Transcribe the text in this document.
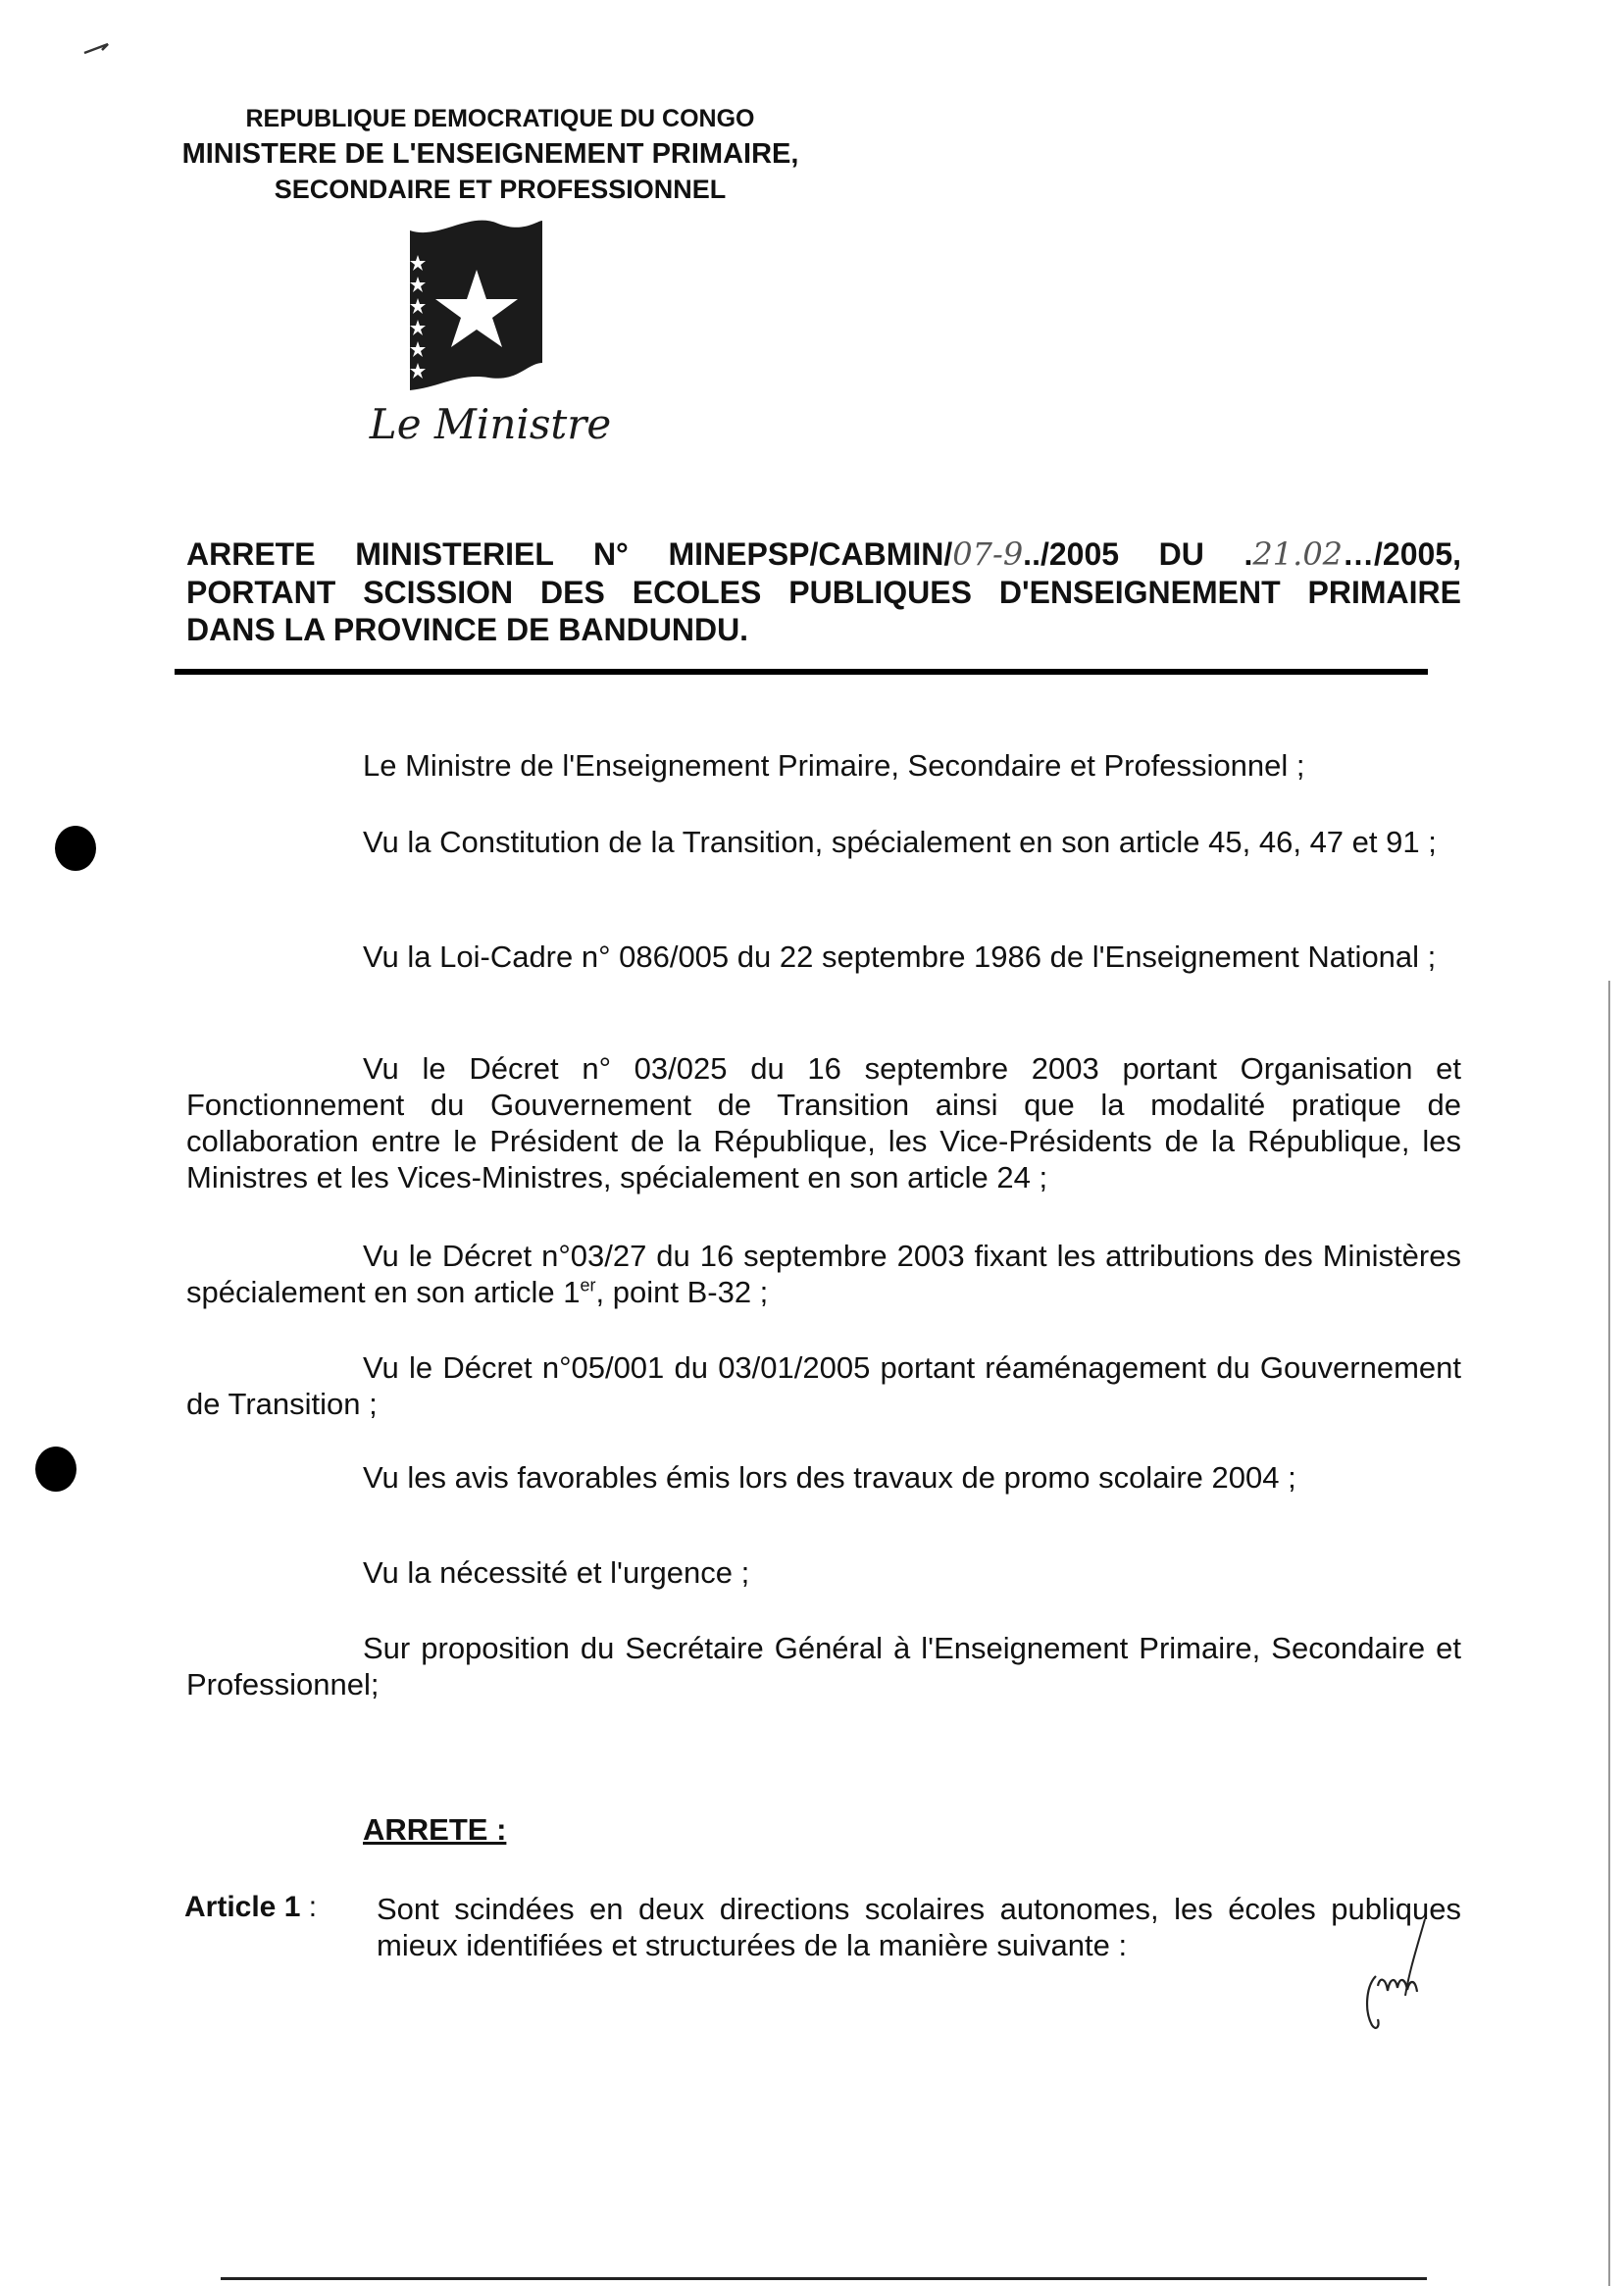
REPUBLIQUE DEMOCRATIQUE DU CONGO
MINISTERE DE L'ENSEIGNEMENT PRIMAIRE,
SECONDAIRE ET PROFESSIONNEL
Le Ministre
ARRETE MINISTERIEL N° MINEPSP/CABMIN/07-9../2005 DU .21.02…/2005,
PORTANT SCISSION DES ECOLES PUBLIQUES D'ENSEIGNEMENT PRIMAIRE
DANS LA PROVINCE DE BANDUNDU.
Le Ministre de l'Enseignement Primaire, Secondaire et Professionnel ;
Vu la Constitution de la Transition, spécialement en son article 45, 46, 47 et 91 ;
Vu la Loi-Cadre n° 086/005 du 22 septembre 1986 de l'Enseignement National ;
Vu le Décret n° 03/025 du 16 septembre 2003 portant Organisation et Fonctionnement du Gouvernement de Transition ainsi que la modalité pratique de collaboration entre le Président de la République, les Vice-Présidents de la République, les Ministres et les Vices-Ministres, spécialement en son article 24 ;
Vu le Décret n°03/27 du 16 septembre 2003 fixant les attributions des Ministères spécialement en son article 1er, point B-32 ;
Vu le Décret n°05/001 du 03/01/2005 portant réaménagement du Gouvernement de Transition ;
Vu les avis favorables émis lors des travaux de promo scolaire 2004 ;
Vu la nécessité et l'urgence ;
Sur proposition du Secrétaire Général à l'Enseignement Primaire, Secondaire et Professionnel;
ARRETE :
Article 1 : Sont scindées en deux directions scolaires autonomes, les écoles publiques mieux identifiées et structurées de la manière suivante :
